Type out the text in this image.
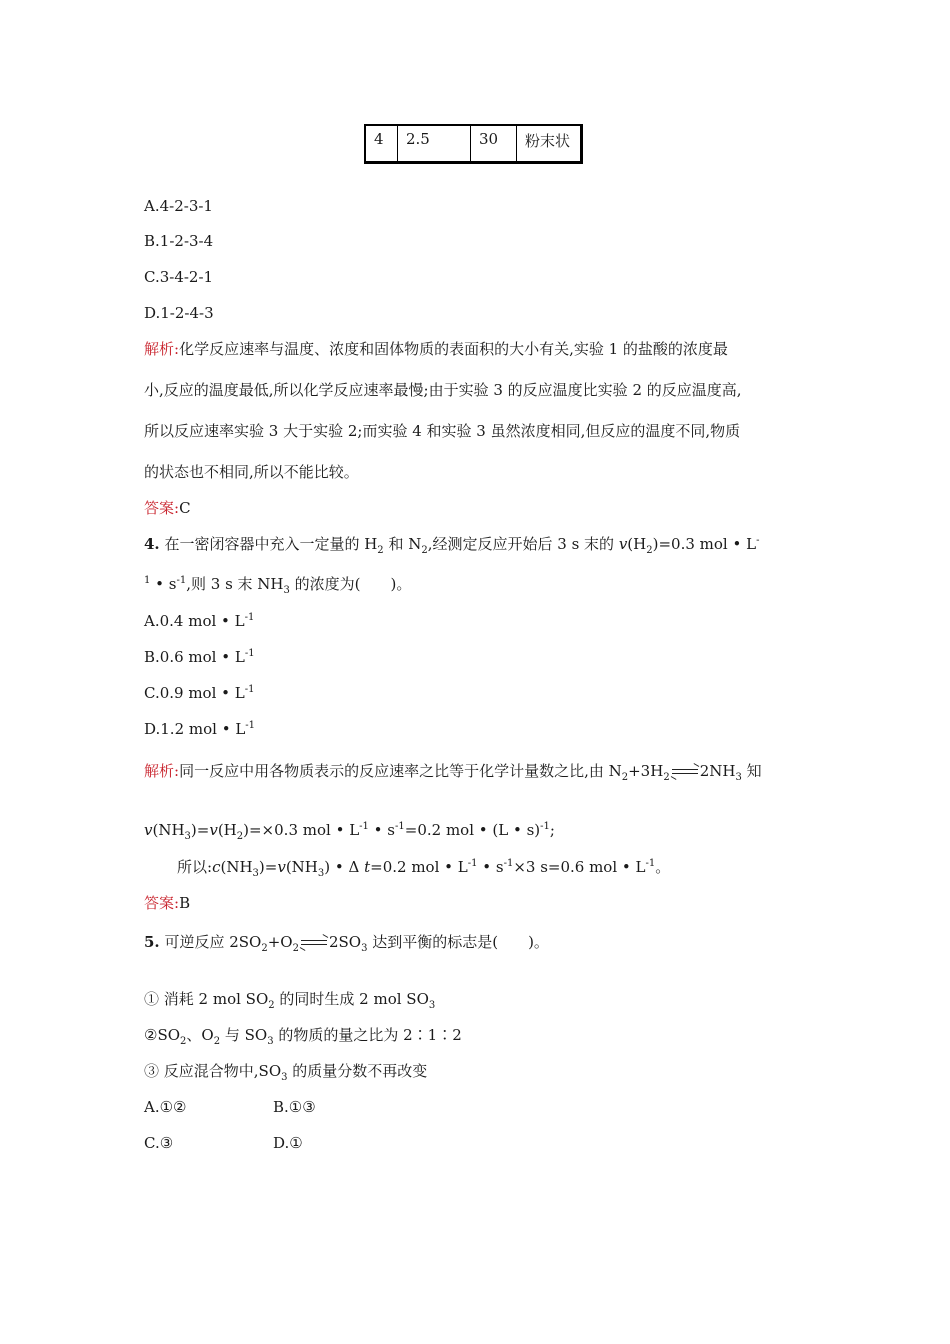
4	2.5	30	粉末状
A.4-2-3-1
B.1-2-3-4
C.3-4-2-1
D.1-2-4-3
解析:化学反应速率与温度、浓度和固体物质的表面积的大小有关,实验 1 的盐酸的浓度最
小,反应的温度最低,所以化学反应速率最慢;由于实验 3 的反应温度比实验 2 的反应温度高,
所以反应速率实验 3 大于实验 2;而实验 4 和实验 3 虽然浓度相同,但反应的温度不同,物质
的状态也不相同,所以不能比较。
答案:C
4. 在一密闭容器中充入一定量的 $H_2$ 和 $N_2$,经测定反应开始后 3 s 末的 $v(H_2)=0.3$ mol • L-
$^1$ • $s^{-1}$,则 3 s 末 $NH_3$ 的浓度为(　　)。
A.0.4 mol • $L^{-1}$
B.0.6 mol • $L^{-1}$
C.0.9 mol • $L^{-1}$
D.1.2 mol • $L^{-1}$
解析:同一反应中用各物质表示的反应速率之比等于化学计量数之比,由 $N_2+3H_2$ $2NH_3$ 知
$v(NH_3)=v(H_2)=\times 0.3$ mol • $L^{-1}$ • $s^{-1}=0.2$ mol • (L • s)$^{-1}$;
所以$:c(NH_3)=v(NH_3)$ • Δ t=0.2 mol • $L^{-1}$ • $s^{-1}\times 3$ s=0.6 mol • $L^{-1}$。
答案:B
5. 可逆反应 $2SO_2+O_2$ $2SO_3$ 达到平衡的标志是(　　)。
① 消耗 2 mol $SO_2$ 的同时生成 2 mol $SO_3$
$②SO_2$、$O_2$ 与 $SO_3$ 的物质的量之比为 2∶1∶2
③ 反应混合物中$,SO_3$ 的质量分数不再改变
A.①②	B.①③
C.③	D.①
